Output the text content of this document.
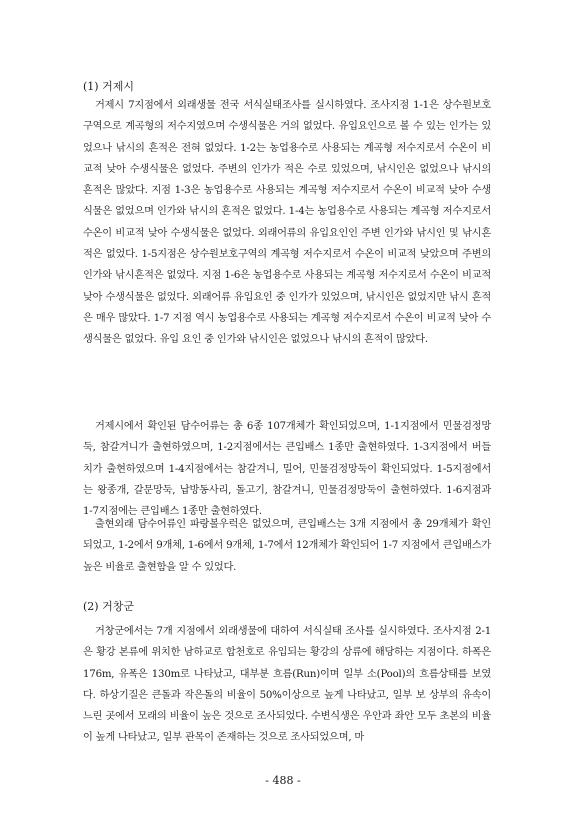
(1) 거제시

거제시 7지점에서 외래생물 전국 서식실태조사를 실시하였다. 조사지점 1-1은 상수원보호구역으로 계곡형의 저수지였으며 수생식물은 거의 없었다. 유입요인으로 볼 수 있는 인가는 있었으나 낚시의 흔적은 전혀 없었다. 1-2는 농업용수로 사용되는 계곡형 저수지로서 수온이 비교적 낮아 수생식물은 없었다. 주변의 인가가 적은 수로 있었으며, 낚시인은 없었으나 낚시의 흔적은 많았다. 지점 1-3은 농업용수로 사용되는 계곡형 저수지로서 수온이 비교적 낮아 수생식물은 없었으며 인가와 낚시의 흔적은 없었다. 1-4는 농업용수로 사용되는 계곡형 저수지로서 수온이 비교적 낮아 수생식물은 없었다. 외래어류의 유입요인인 주변 인가와 낚시인 및 낚시흔적은 없었다. 1-5지점은 상수원보호구역의 계곡형 저수지로서 수온이 비교적 낮았으며 주변의 인가와 낚시흔적은 없었다. 지점 1-6은 농업용수로 사용되는 계곡형 저수지로서 수온이 비교적 낮아 수생식물은 없었다. 외래어류 유입요인 중 인가가 있었으며, 낚시인은 없었지만 낚시 흔적은 매우 많았다. 1-7 지점 역시 농업용수로 사용되는 계곡형 저수지로서 수온이 비교적 낮아 수생식물은 없었다. 유입 요인 중 인가와 낚시인은 없었으나 낚시의 흔적이 많았다.

거제시에서 확인된 담수어류는 총 6종 107개체가 확인되었으며, 1-1지점에서 민물검정망둑, 참갈겨니가 출현하였으며, 1-2지점에서는 큰입배스 1종만 출현하였다. 1-3지점에서 버들치가 출현하였으며 1-4지점에서는 참갈겨니, 밀어, 민물검정망둑이 확인되었다. 1-5지점에서는 왕종개, 갈문망둑, 납방동사리, 돌고기, 참갈겨니, 민물검정망둑이 출현하였다. 1-6지점과 1-7지점에는 큰입배스 1종만 출현하였다.

출현외래 담수어류인 파랑볼우럭은 없었으며, 큰입배스는 3개 지점에서 총 29개체가 확인되었고, 1-2에서 9개체, 1-6에서 9개체, 1-7에서 12개체가 확인되어 1-7 지점에서 큰입배스가 높은 비율로 출현함을 알 수 있었다.

(2) 거창군

거창군에서는 7개 지점에서 외래생물에 대하여 서식실태 조사를 실시하였다. 조사지점 2-1은 황강 본류에 위치한 남하교로 합천호로 유입되는 황강의 상류에 해당하는 지점이다. 하폭은 176m, 유폭은 130m로 나타났고, 대부분 흐름(Run)이며 일부 소(Pool)의 흐름상태를 보였다. 하상기질은 큰돌과 작은돌의 비율이 50%이상으로 높게 나타났고, 일부 보 상부의 유속이 느린 곳에서 모래의 비율이 높은 것으로 조사되었다. 수변식생은 우안과 좌안 모두 초본의 비율이 높게 나타났고, 일부 관목이 존재하는 것으로 조사되었으며, 마

- 488 -
